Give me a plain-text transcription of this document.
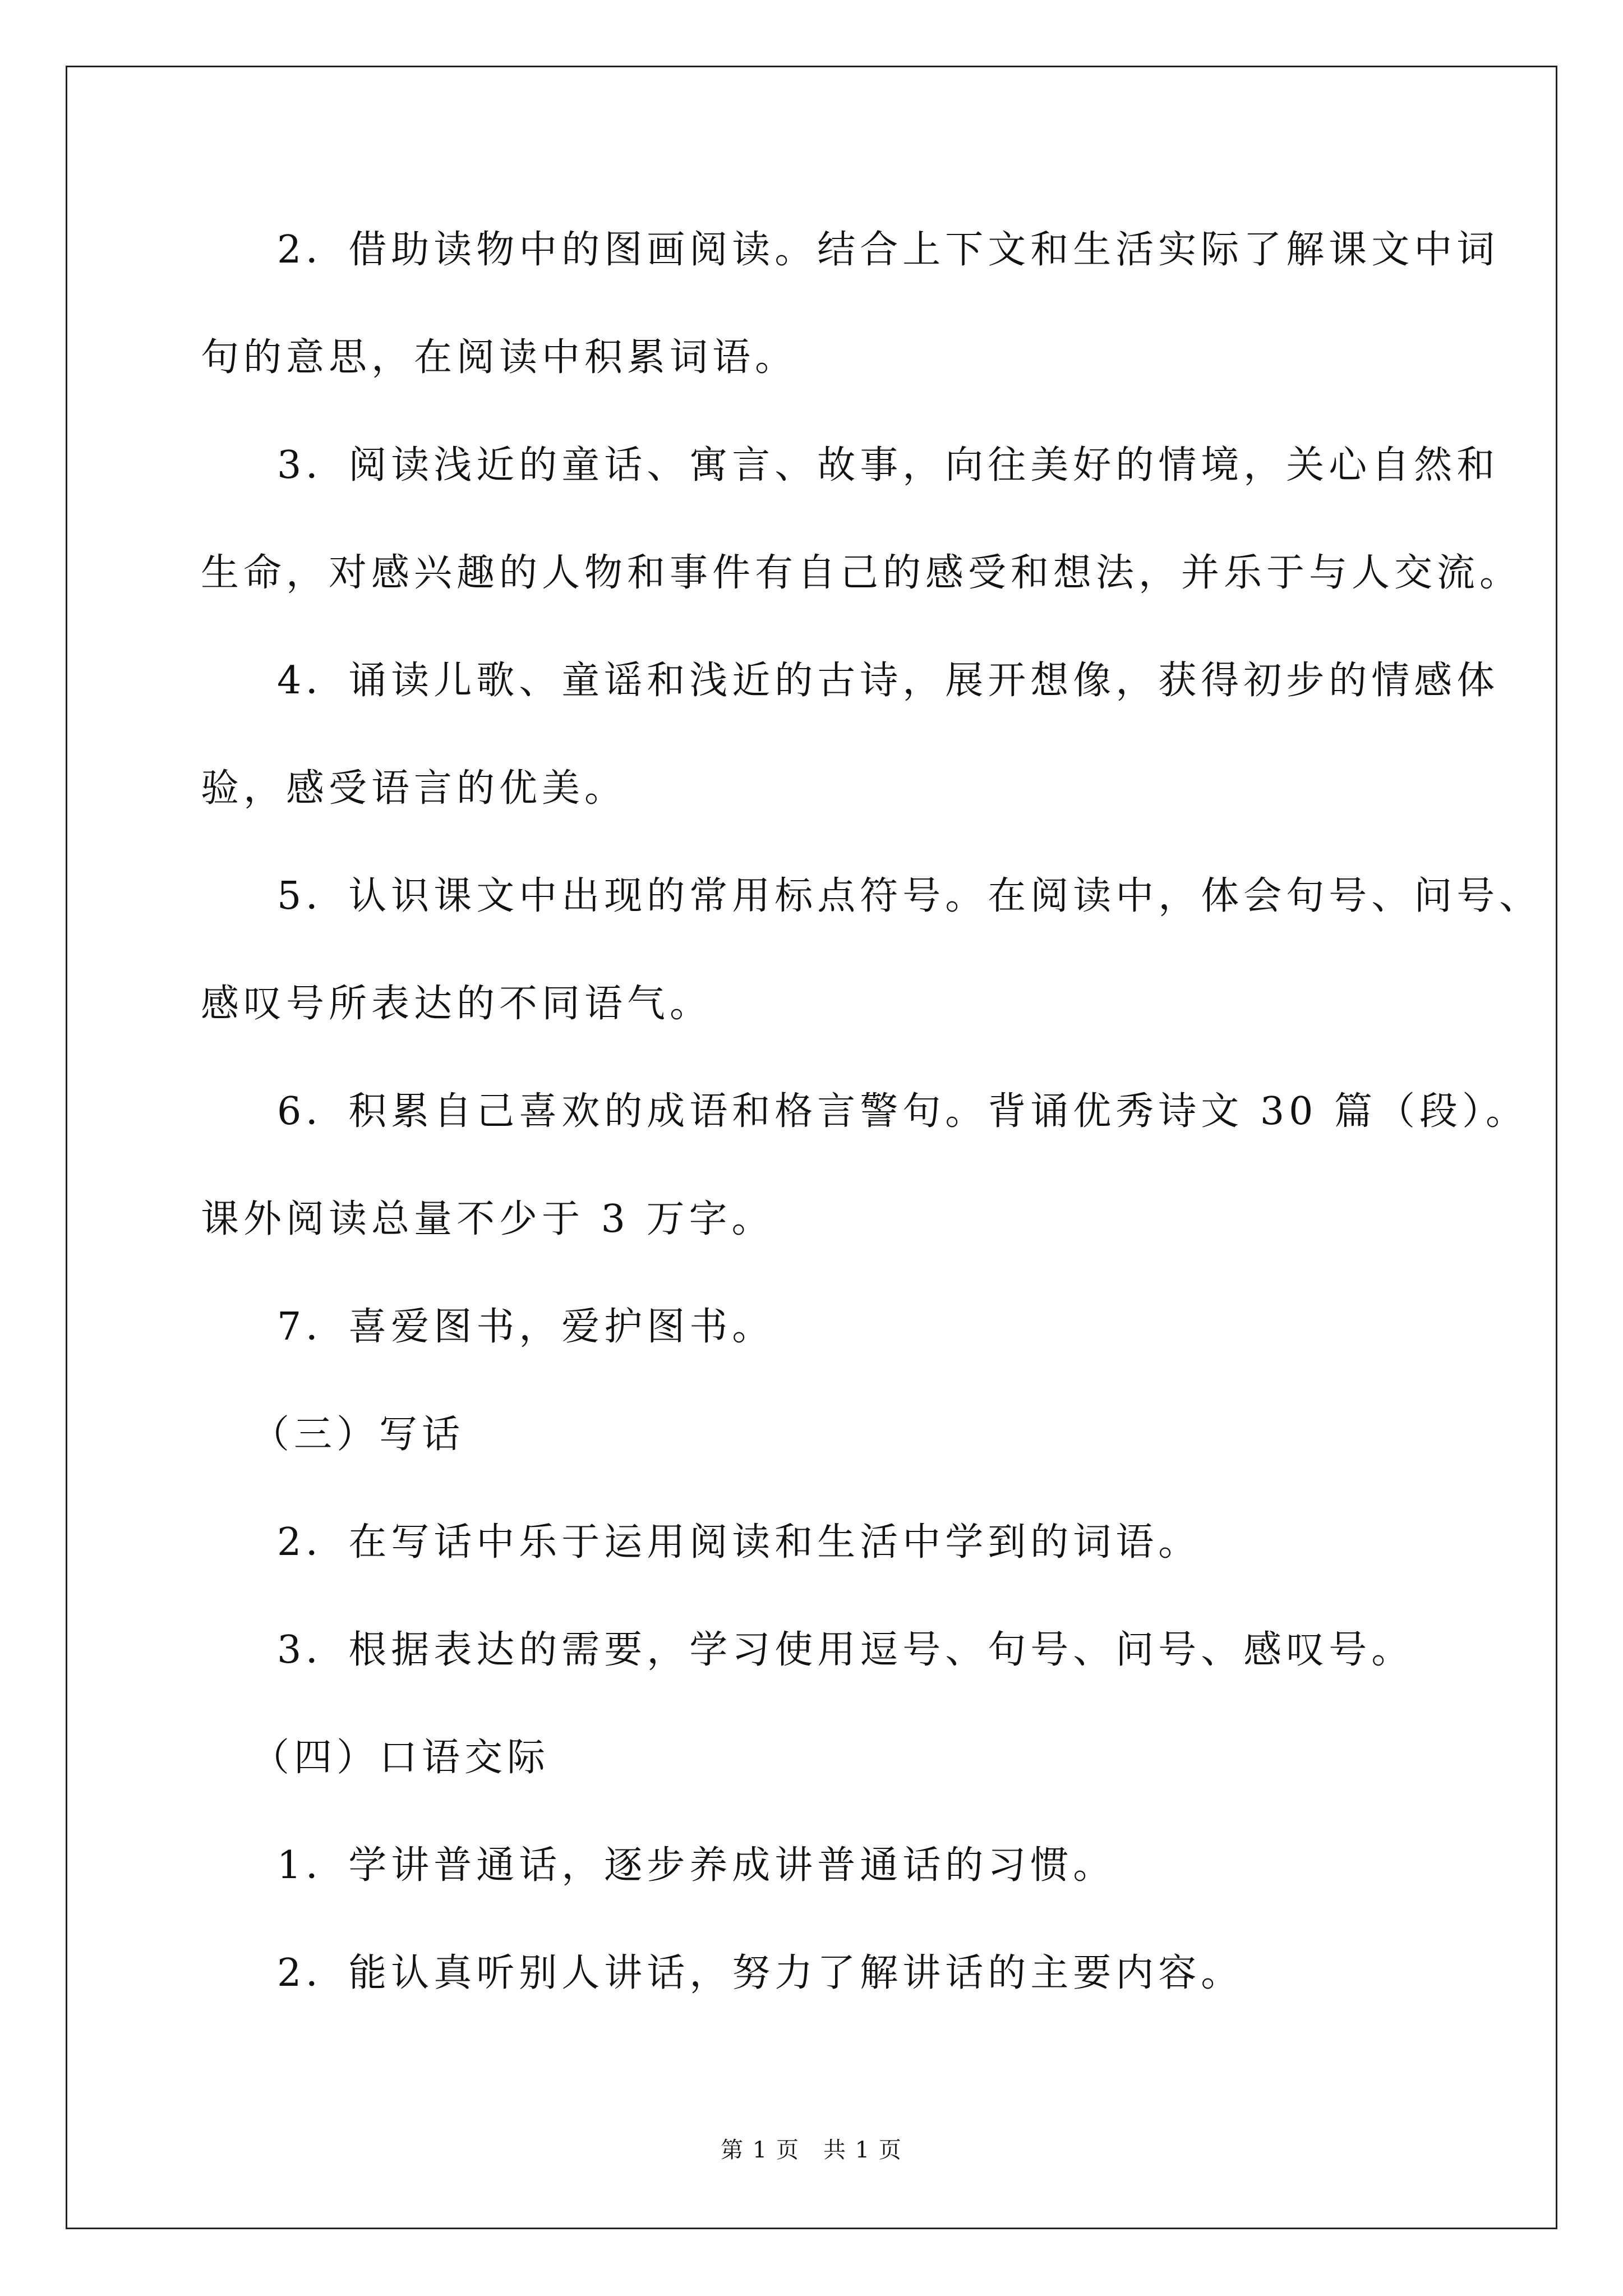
2．借助读物中的图画阅读。结合上下文和生活实际了解课文中词
句的意思，在阅读中积累词语。
3．阅读浅近的童话、寓言、故事，向往美好的情境，关心自然和
生命，对感兴趣的人物和事件有自己的感受和想法，并乐于与人交流。
4．诵读儿歌、童谣和浅近的古诗，展开想像，获得初步的情感体
验，感受语言的优美。
5．认识课文中出现的常用标点符号。在阅读中，体会句号、问号、
感叹号所表达的不同语气。
6．积累自己喜欢的成语和格言警句。背诵优秀诗文 30 篇（段）。
课外阅读总量不少于 3 万字。
7．喜爱图书，爱护图书。
（三）写话
2．在写话中乐于运用阅读和生活中学到的词语。
3．根据表达的需要，学习使用逗号、句号、问号、感叹号。
（四）口语交际
1．学讲普通话，逐步养成讲普通话的习惯。
2．能认真听别人讲话，努力了解讲话的主要内容。
第 1 页　共 1 页
